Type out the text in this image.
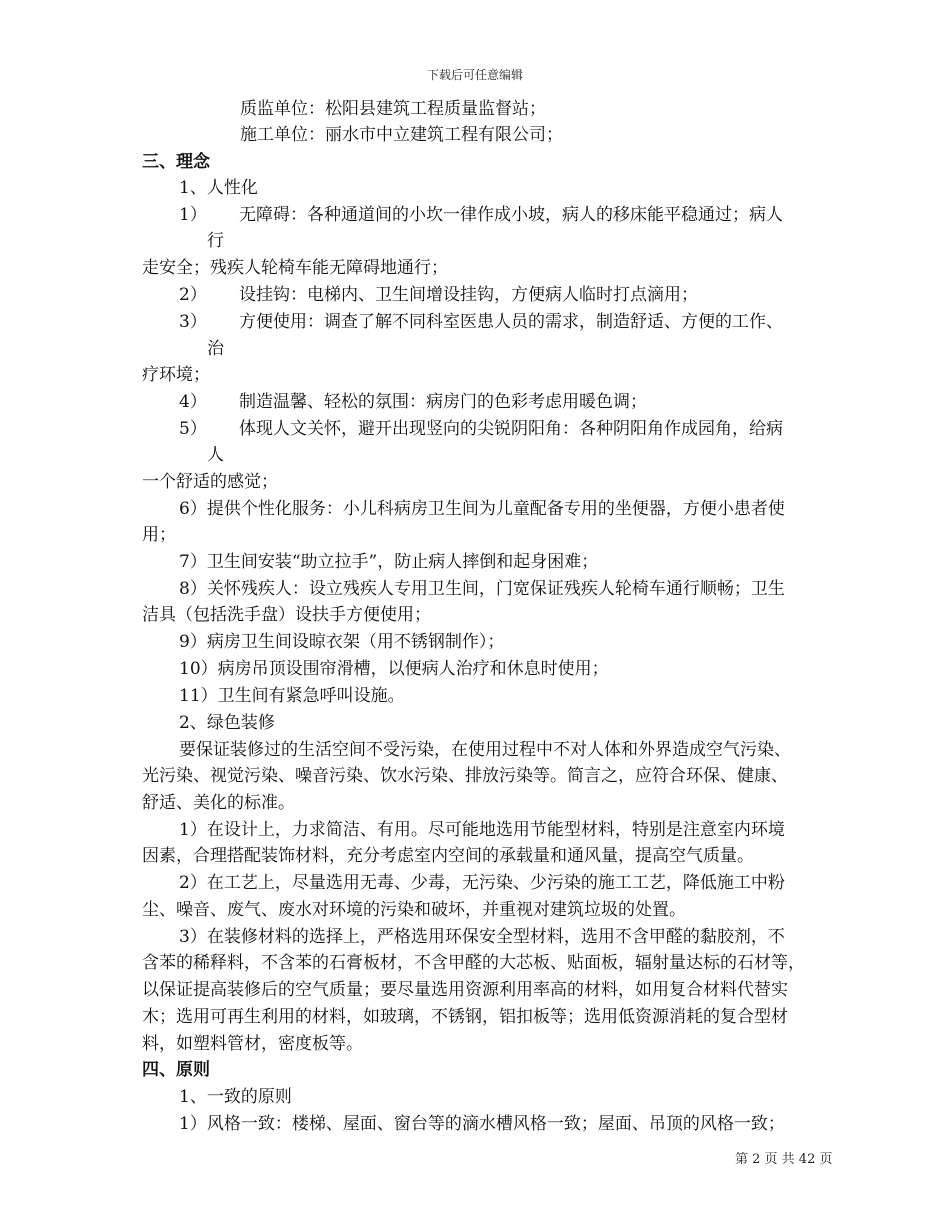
下载后可任意编辑
质监单位：松阳县建筑工程质量监督站；
施工单位：丽水市中立建筑工程有限公司；
三、理念
1、人性化
1） 无障碍：各种通道间的小坎一律作成小坡，病人的移床能平稳通过；病人
行
走安全；残疾人轮椅车能无障碍地通行；
2） 设挂钩：电梯内、卫生间增设挂钩，方便病人临时打点滴用；
3） 方便使用：调查了解不同科室医患人员的需求，制造舒适、方便的工作、
治
疗环境；
4） 制造温馨、轻松的氛围：病房门的色彩考虑用暖色调；
5） 体现人文关怀，避开出现竖向的尖锐阴阳角：各种阴阳角作成园角，给病
人
一个舒适的感觉；
6）提供个性化服务：小儿科病房卫生间为儿童配备专用的坐便器，方便小患者使
用；
7）卫生间安装“助立拉手”，防止病人摔倒和起身困难；
8）关怀残疾人：设立残疾人专用卫生间，门宽保证残疾人轮椅车通行顺畅；卫生
洁具（包括洗手盘）设扶手方便使用；
9）病房卫生间设晾衣架（用不锈钢制作）；
10）病房吊顶设围帘滑槽，以便病人治疗和休息时使用；
11）卫生间有紧急呼叫设施。
2、绿色装修
要保证装修过的生活空间不受污染，在使用过程中不对人体和外界造成空气污染、
光污染、视觉污染、噪音污染、饮水污染、排放污染等。简言之，应符合环保、健康、
舒适、美化的标准。
1）在设计上，力求简洁、有用。尽可能地选用节能型材料，特别是注意室内环境
因素，合理搭配装饰材料，充分考虑室内空间的承载量和通风量，提高空气质量。
2）在工艺上，尽量选用无毒、少毒，无污染、少污染的施工工艺，降低施工中粉
尘、噪音、废气、废水对环境的污染和破坏，并重视对建筑垃圾的处置。
3）在装修材料的选择上，严格选用环保安全型材料，选用不含甲醛的黏胶剂，不
含苯的稀释料，不含苯的石膏板材，不含甲醛的大芯板、贴面板，辐射量达标的石材等，
以保证提高装修后的空气质量；要尽量选用资源利用率高的材料，如用复合材料代替实
木；选用可再生利用的材料，如玻璃，不锈钢，铝扣板等；选用低资源消耗的复合型材
料，如塑料管材，密度板等。
四、原则
1、一致的原则
1）风格一致：楼梯、屋面、窗台等的滴水槽风格一致；屋面、吊顶的风格一致；
第 2 页 共 42 页
